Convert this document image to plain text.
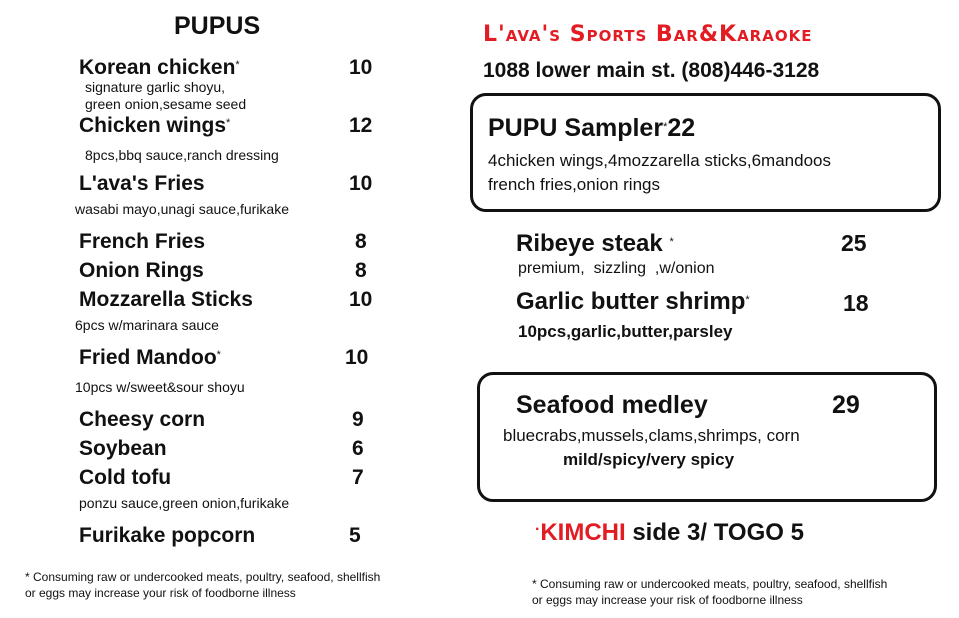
PUPUS
Korean chicken*	10
signature garlic shoyu,
green onion,sesame seed
Chicken wings*	12
8pcs,bbq sauce,ranch dressing
L'ava's Fries	10
wasabi mayo,unagi sauce,furikake
French Fries	8
Onion Rings	8
Mozzarella Sticks	10
6pcs w/marinara sauce
Fried Mandoo*	10
10pcs w/sweet&sour shoyu
Cheesy corn	9
Soybean	6
Cold tofu	7
ponzu sauce,green onion,furikake
Furikake popcorn	5
* Consuming raw or undercooked meats, poultry, seafood, shellfish or eggs may increase your risk of foodborne illness
L'ava's Sports Bar&Karaoke
1088 lower main st. (808)446-3128
PUPU Sampler*22
4chicken wings,4mozzarella sticks,6mandoos
french fries,onion rings
Ribeye steak *	25
premium,  sizzling  ,w/onion
Garlic butter shrimp*	18
10pcs,garlic,butter,parsley
Seafood medley	29
bluecrabs,mussels,clams,shrimps, corn
mild/spicy/very spicy
·KIMCHI side 3/ TOGO 5
* Consuming raw or undercooked meats, poultry, seafood, shellfish or eggs may increase your risk of foodborne illness
